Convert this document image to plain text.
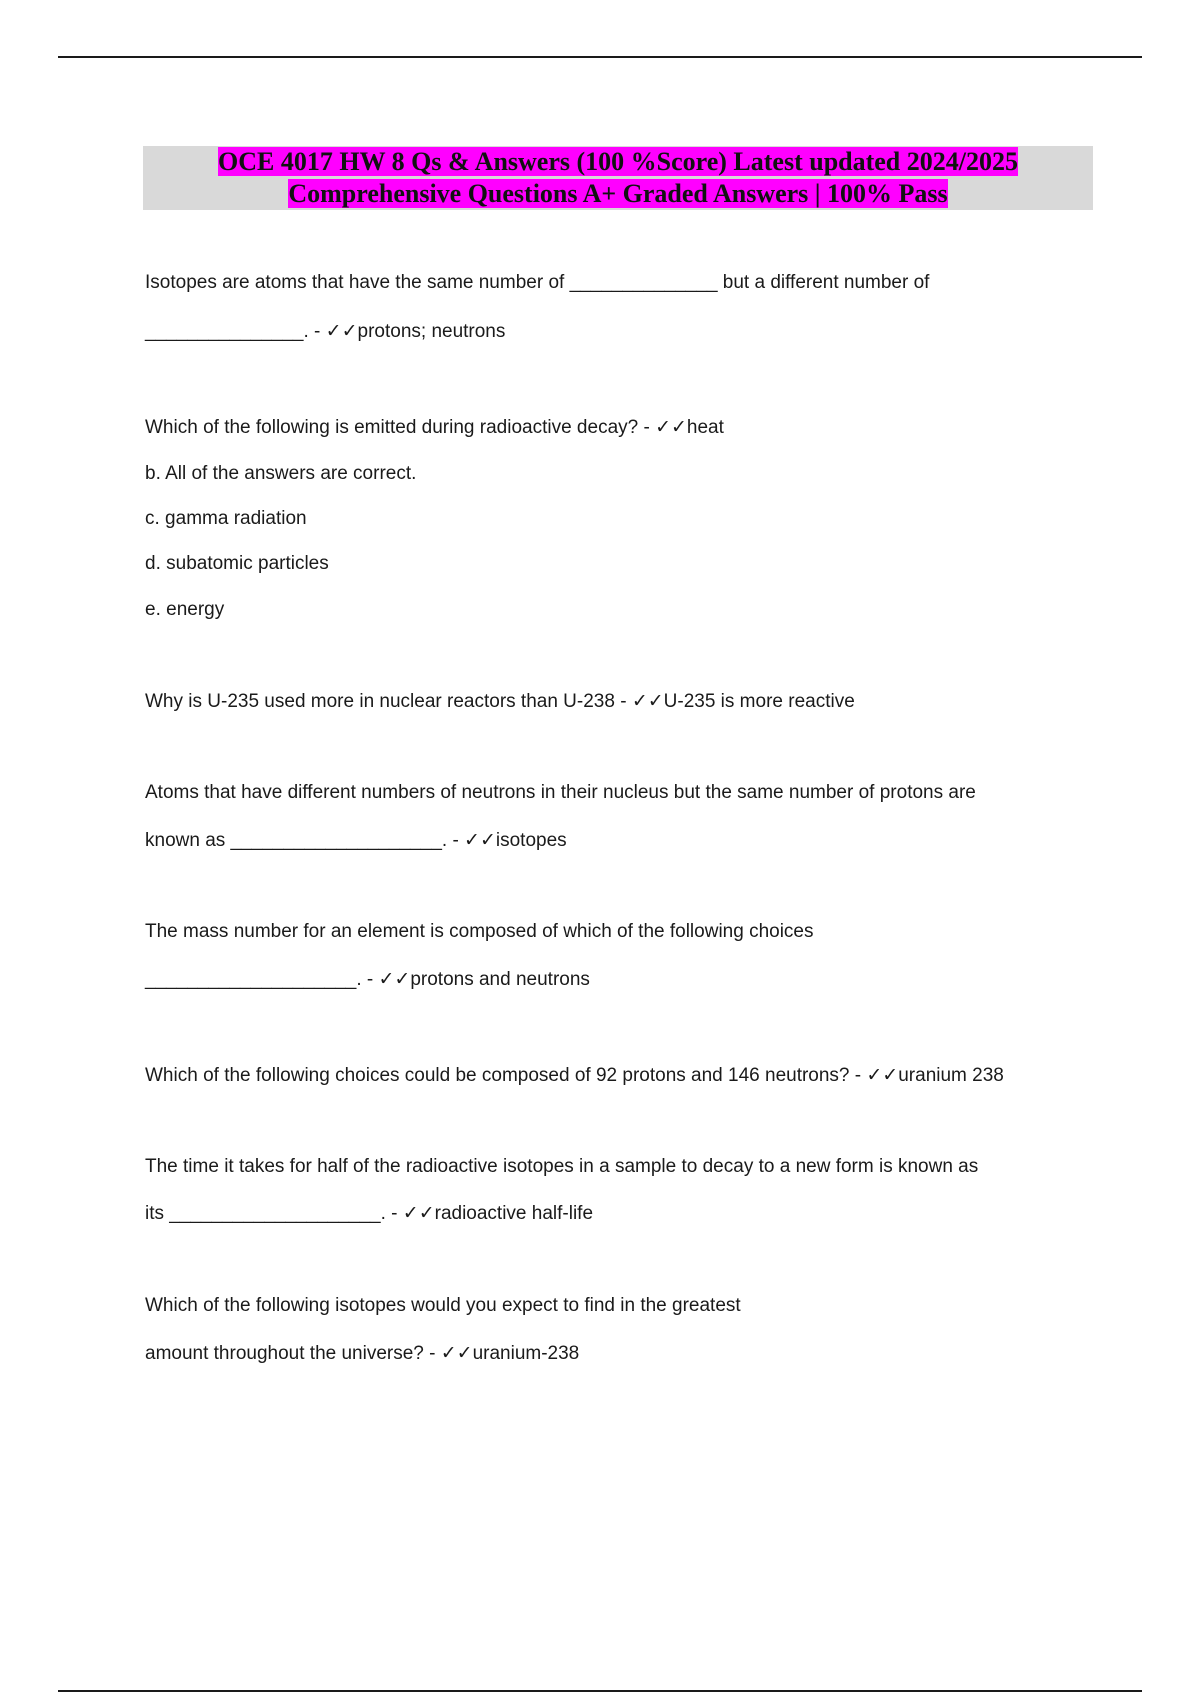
OCE 4017 HW 8 Qs & Answers (100 %Score) Latest updated 2024/2025
Comprehensive Questions A+ Graded Answers | 100% Pass
Isotopes are atoms that have the same number of ______________ but a different number of
_______________. - ✓✓protons; neutrons
Which of the following is emitted during radioactive decay? - ✓✓heat
b. All of the answers are correct.
c. gamma radiation
d. subatomic particles
e. energy
Why is U-235 used more in nuclear reactors than U-238 - ✓✓U-235 is more reactive
Atoms that have different numbers of neutrons in their nucleus but the same number of protons are
known as ____________________. - ✓✓isotopes
The mass number for an element is composed of which of the following choices
____________________. - ✓✓protons and neutrons
Which of the following choices could be composed of 92 protons and 146 neutrons? - ✓✓uranium 238
The time it takes for half of the radioactive isotopes in a sample to decay to a new form is known as
its ____________________. - ✓✓radioactive half-life
Which of the following isotopes would you expect to find in the greatest
amount throughout the universe? - ✓✓uranium-238
